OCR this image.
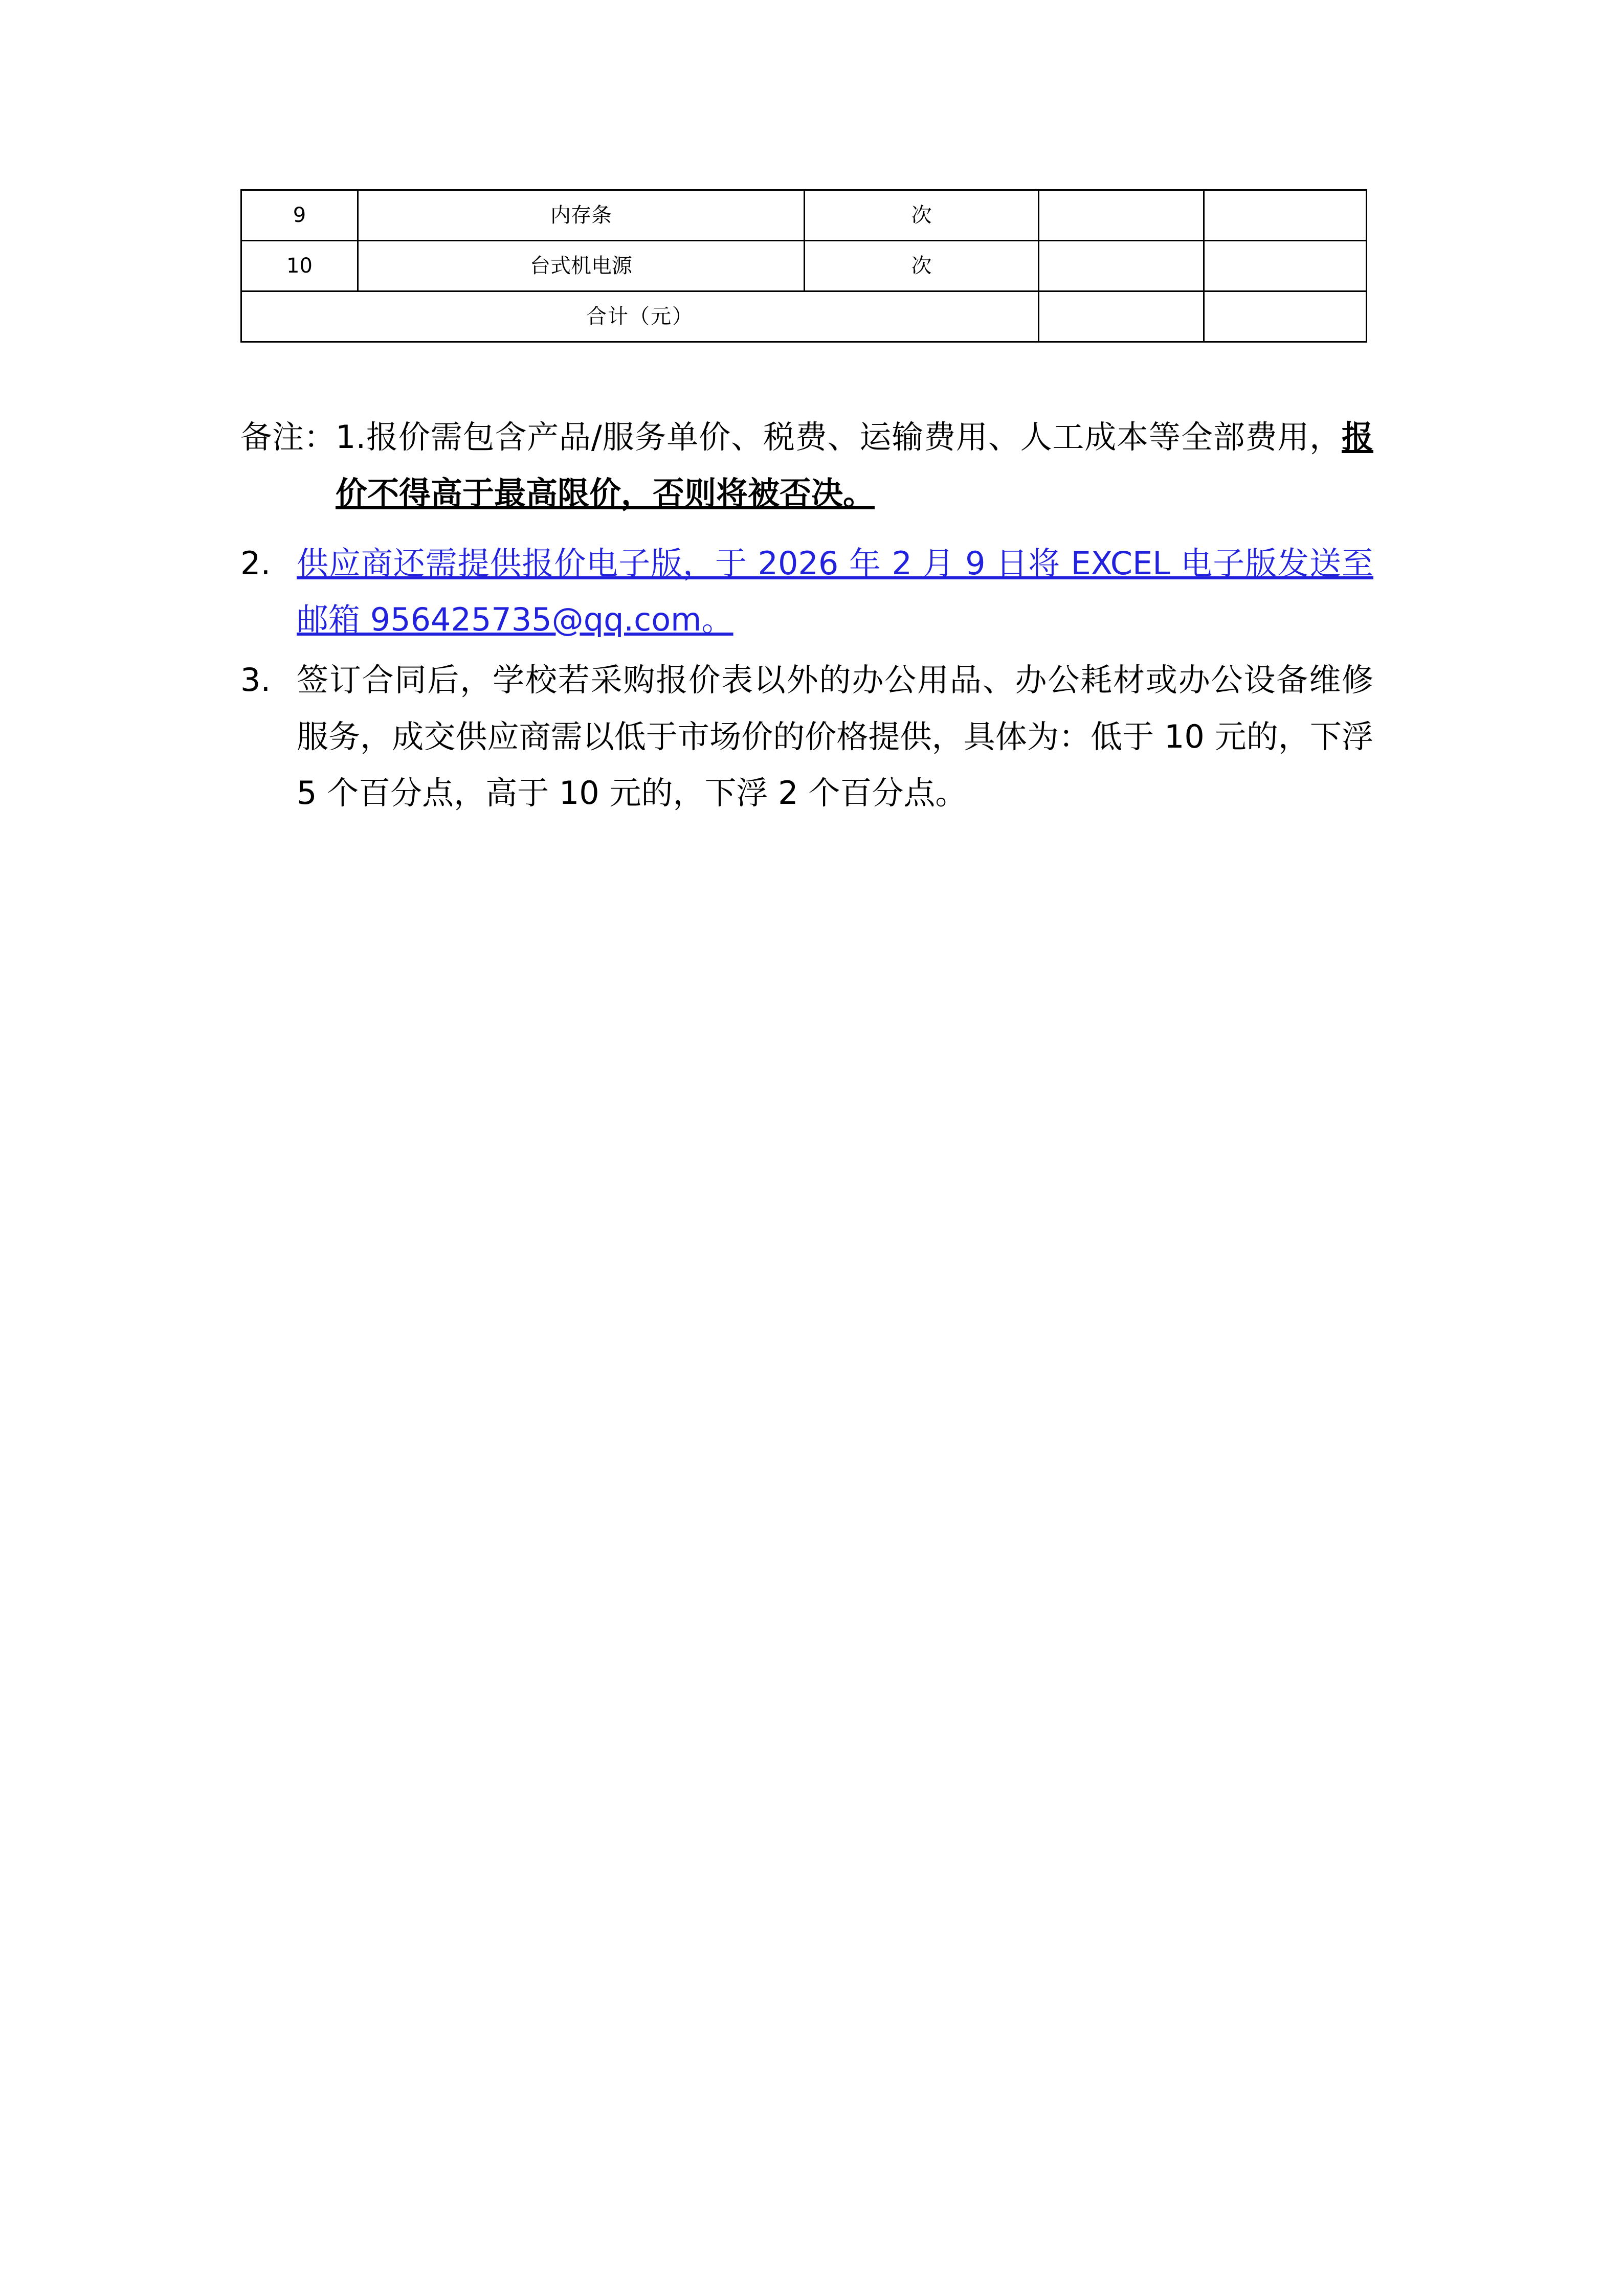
9	内存条	次		
10	台式机电源	次		
合计（元）				
备注： 1.报价需包含产品/服务单价、税费、运输费用、人工成本等全部费用，报价不得高于最高限价，否则将被否决。
2. 供应商还需提供报价电子版，于 2026 年 2 月 9 日将 EXCEL 电子版发送至邮箱 956425735@qq.com。
3. 签订合同后，学校若采购报价表以外的办公用品、办公耗材或办公设备维修服务，成交供应商需以低于市场价的价格提供，具体为：低于 10 元的，下浮 5 个百分点，高于 10 元的，下浮 2 个百分点。
